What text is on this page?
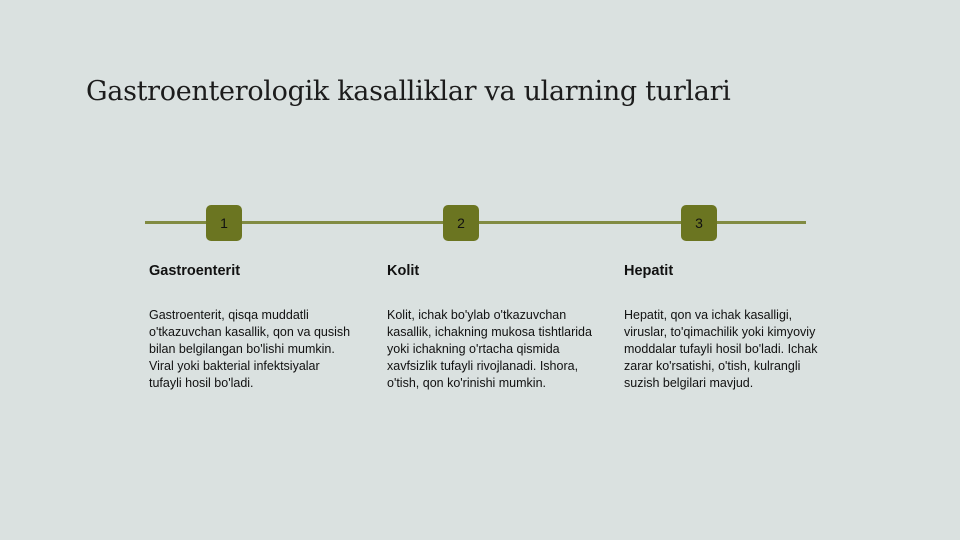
Gastroenterologik kasalliklar va ularning turlari
1	2	3
Gastroenterit

Gastroenterit, qisqa muddatli o'tkazuvchan kasallik, qon va qusish bilan belgilangan bo'lishi mumkin. Viral yoki bakterial infektsiyalar tufayli hosil bo'ladi.

Kolit

Kolit, ichak bo'ylab o'tkazuvchan kasallik, ichakning mukosa tishtlarida yoki ichakning o'rtacha qismida xavfsizlik tufayli rivojlanadi. Ishora, o'tish, qon ko'rinishi mumkin.

Hepatit

Hepatit, qon va ichak kasalligi, viruslar, to'qimachilik yoki kimyoviy moddalar tufayli hosil bo'ladi. Ichak zarar ko'rsatishi, o'tish, kulrangli suzish belgilari mavjud.
